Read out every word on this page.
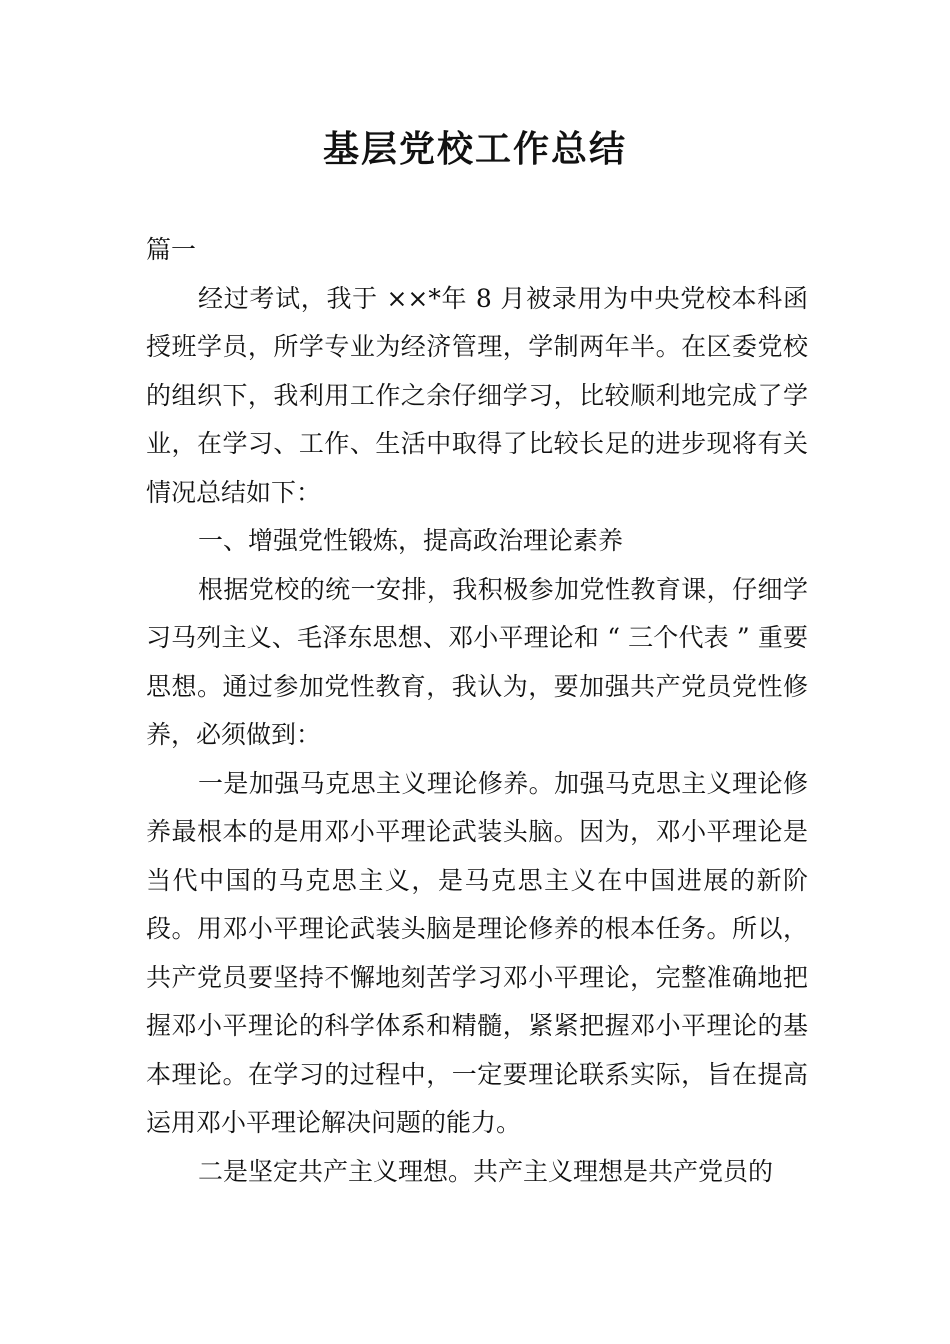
基层党校工作总结

篇一

经过考试，我于 ××*年 8 月被录用为中央党校本科函授班学员，所学专业为经济管理，学制两年半。在区委党校的组织下，我利用工作之余仔细学习，比较顺利地完成了学业，在学习、工作、生活中取得了比较长足的进步现将有关情况总结如下：

一、增强党性锻炼，提高政治理论素养

根据党校的统一安排，我积极参加党性教育课，仔细学习马列主义、毛泽东思想、邓小平理论和 “ 三个代表 ” 重要思想。通过参加党性教育，我认为，要加强共产党员党性修养，必须做到：

一是加强马克思主义理论修养。加强马克思主义理论修养最根本的是用邓小平理论武装头脑。因为，邓小平理论是当代中国的马克思主义，是马克思主义在中国进展的新阶段。用邓小平理论武装头脑是理论修养的根本任务。所以，共产党员要坚持不懈地刻苦学习邓小平理论，完整准确地把握邓小平理论的科学体系和精髓，紧紧把握邓小平理论的基本理论。在学习的过程中，一定要理论联系实际，旨在提高运用邓小平理论解决问题的能力。

二是坚定共产主义理想。共产主义理想是共产党员的
